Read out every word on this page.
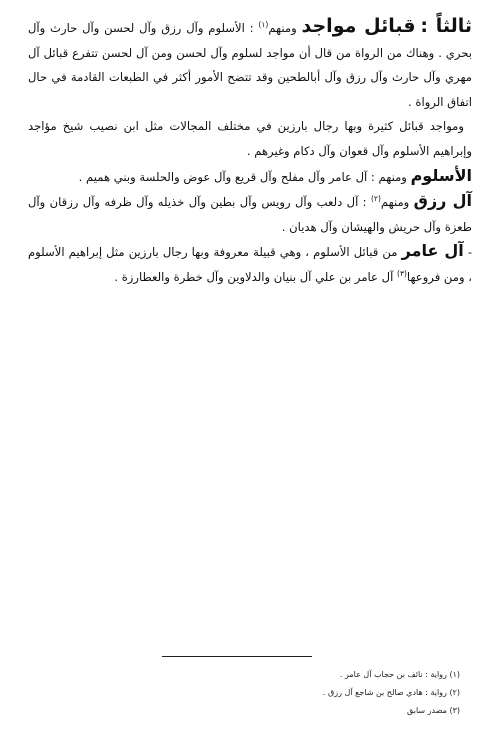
ثالثاً : قبائل مواجد ومنهم$^{(١)}$ : الأسلوم وآل رزق وآل لحسن وآل حارث وآل بحري . وهناك من الرواة من قال أن مواجد لسلوم وآل لحسن ومن آل لحسن تتفرع قبائل آل مهري وآل حارث وآل رزق وآل أبالطحين وقد تتضح الأمور أكثر في الطبعات القادمة في حال اتفاق الرواة .

ومواجد قبائل كثيرة وبها رجال بارزين في مختلف المجالات مثل ابن نصيب شيخ مؤاجد وإبراهيم الأسلوم وآل قعوان وآل دكام وغيرهم .

الأسلوم ومنهم : آل عامر وآل مفلح وآل قريع وآل عوض والحلسة وبني هميم .

آل رزق ومنهم$^{(٢)}$ : آل دلعب وآل رويس وآل بطين وآل خذيله وآل ظرفه وآل رزقان وآل طعزة وآل حريش والهيشان وآل هديان .

- آل عامر من قبائل الأسلوم ، وهي قبيلة معروفة وبها رجال بارزين مثل إبراهيم الأسلوم ، ومن فروعها$^{(٣)}$ آل عامر بن علي آل بنيان والدلاوين وآل خطرة والعطارزة .

(١) رواية : نائف بن حجاب آل عامر .
(٢) رواية : هادي صالح بن شاجع آل رزق .
(٣) مصدر سابق
